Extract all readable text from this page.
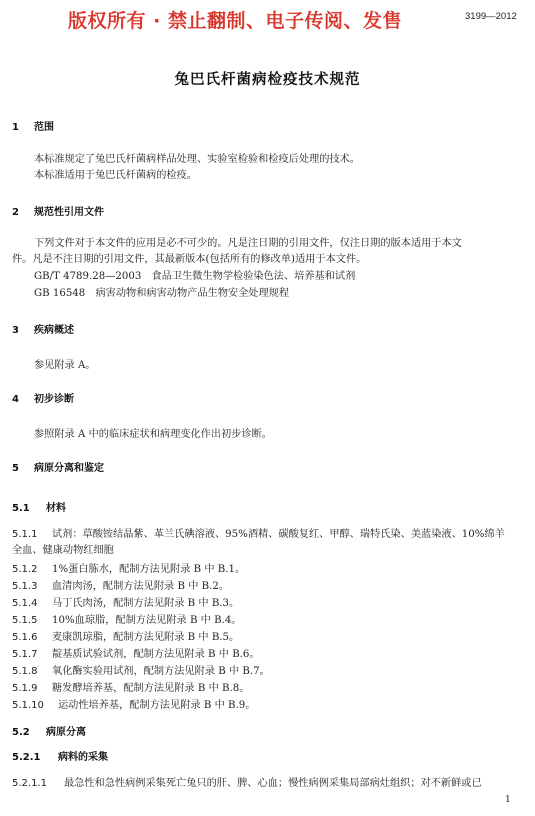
版权所有 · 禁止翻制、电子传阅、发售	3199—2012
兔巴氏杆菌病检疫技术规范
1 范围
本标准规定了兔巴氏杆菌病样品处理、实验室检验和检疫后处理的技术。
本标准适用于兔巴氏杆菌病的检疫。
2 规范性引用文件
下列文件对于本文件的应用是必不可少的。凡是注日期的引用文件，仅注日期的版本适用于本文
件。凡是不注日期的引用文件，其最新版本(包括所有的修改单)适用于本文件。
GB/T 4789.28—2003　食品卫生微生物学检验染色法、培养基和试剂
GB 16548　病害动物和病害动物产品生物安全处理规程
3 疾病概述
参见附录 A。
4 初步诊断
参照附录 A 中的临床症状和病理变化作出初步诊断。
5 病原分离和鉴定
5.1 材料
5.1.1 试剂：草酸铵结晶紫、革兰氏碘溶液、95%酒精、碳酸复红、甲醇、瑞特氏染、美蓝染液、10%绵羊
全血、健康动物红细胞
5.1.2 1%蛋白胨水，配制方法见附录 B 中 B.1。
5.1.3 血清肉汤，配制方法见附录 B 中 B.2。
5.1.4 马丁氏肉汤，配制方法见附录 B 中 B.3。
5.1.5 10%血琼脂，配制方法见附录 B 中 B.4。
5.1.6 麦康凯琼脂，配制方法见附录 B 中 B.5。
5.1.7 靛基质试验试剂，配制方法见附录 B 中 B.6。
5.1.8 氧化酶实验用试剂，配制方法见附录 B 中 B.7。
5.1.9 糖发酵培养基，配制方法见附录 B 中 B.8。
5.1.10 运动性培养基，配制方法见附录 B 中 B.9。
5.2 病原分离
5.2.1 病料的采集
5.2.1.1 最急性和急性病例采集死亡兔只的肝、脾、心血；慢性病例采集局部病灶组织；对不新鲜或已
1
